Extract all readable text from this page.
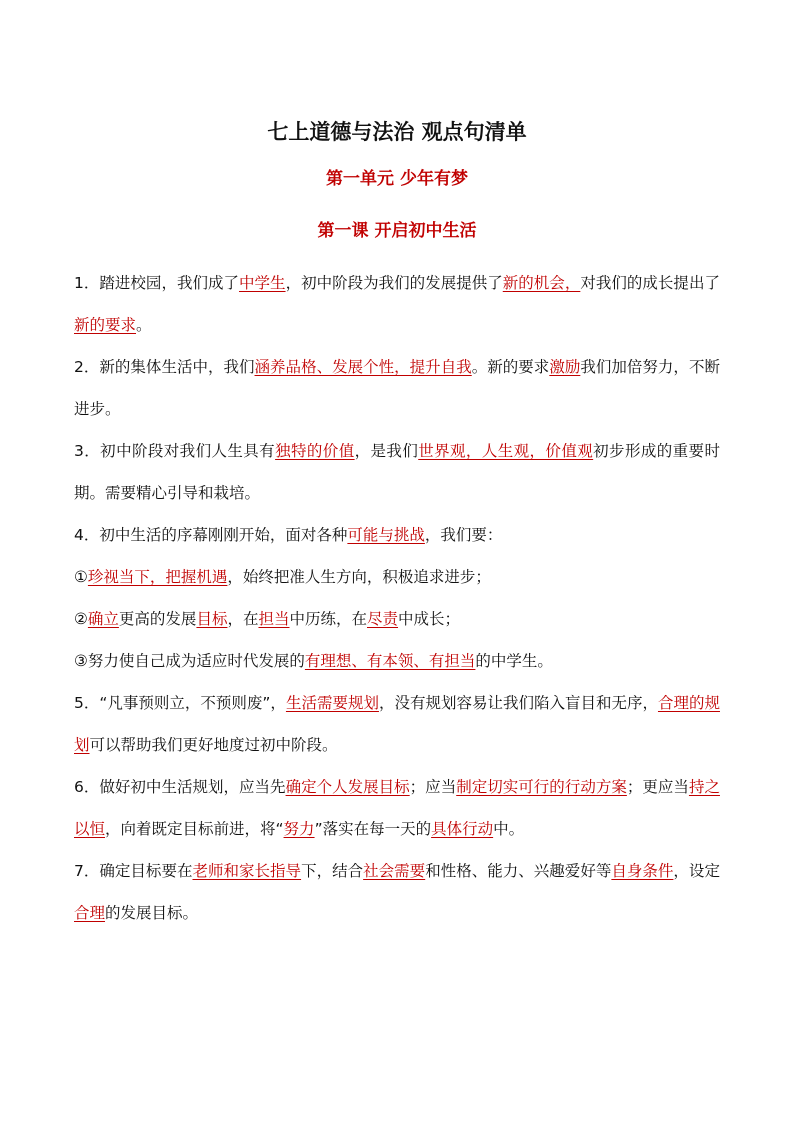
七上道德与法治 观点句清单
第一单元 少年有梦
第一课 开启初中生活

1．踏进校园，我们成了中学生，初中阶段为我们的发展提供了新的机会，对我们的成长提出了新的要求。

2．新的集体生活中，我们涵养品格、发展个性，提升自我。新的要求激励我们加倍努力，不断进步。

3．初中阶段对我们人生具有独特的价值，是我们世界观，人生观，价值观初步形成的重要时期。需要精心引导和栽培。

4．初中生活的序幕刚刚开始，面对各种可能与挑战，我们要：

①珍视当下，把握机遇，始终把准人生方向，积极追求进步；

②确立更高的发展目标，在担当中历练，在尽责中成长；

③努力使自己成为适应时代发展的有理想、有本领、有担当的中学生。

5．“凡事预则立，不预则废”，生活需要规划，没有规划容易让我们陷入盲目和无序，合理的规划可以帮助我们更好地度过初中阶段。

6．做好初中生活规划，应当先确定个人发展目标；应当制定切实可行的行动方案；更应当持之以恒，向着既定目标前进，将“努力”落实在每一天的具体行动中。

7．确定目标要在老师和家长指导下，结合社会需要和性格、能力、兴趣爱好等自身条件，设定合理的发展目标。
